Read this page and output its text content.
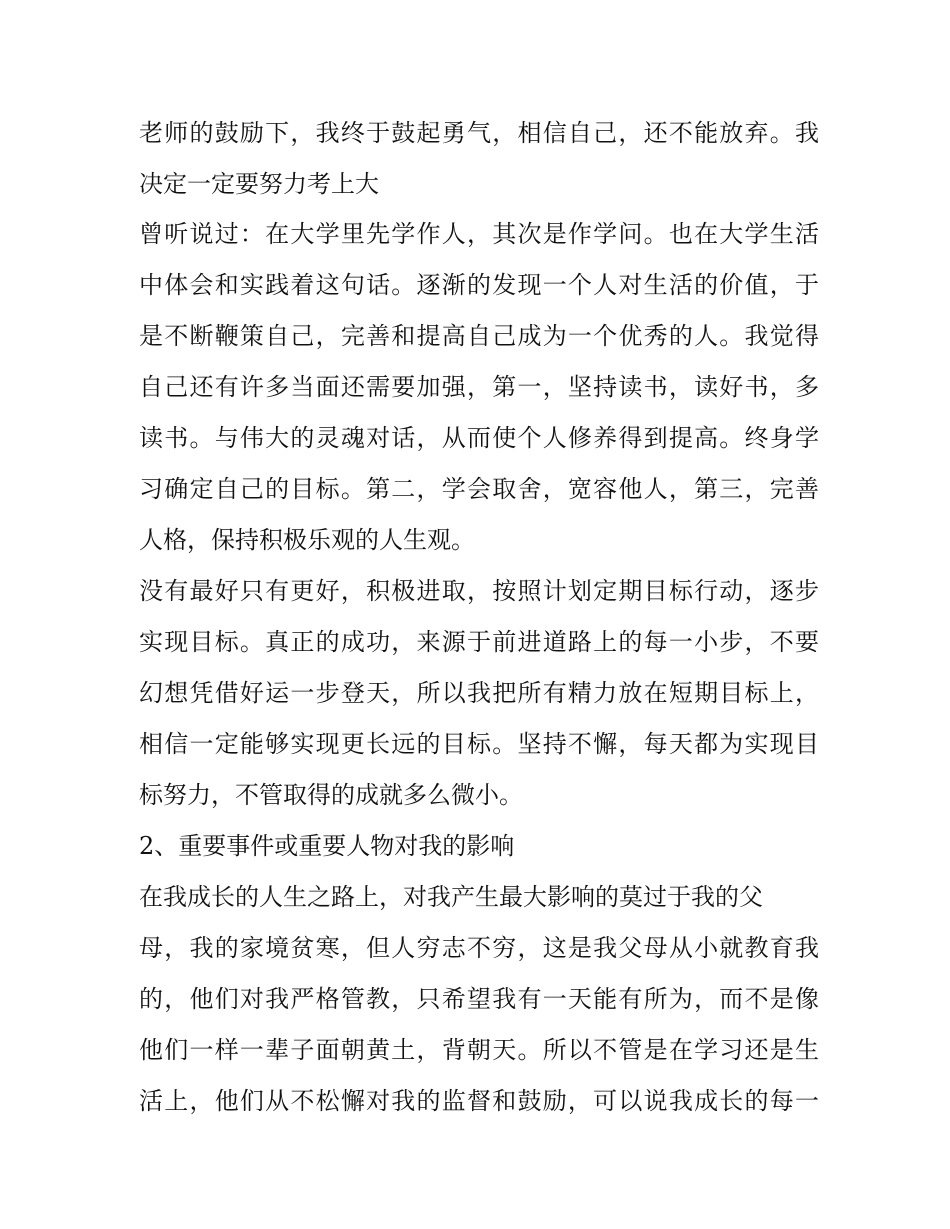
老师的鼓励下，我终于鼓起勇气，相信自己，还不能放弃。我
决定一定要努力考上大
曾听说过：在大学里先学作人，其次是作学问。也在大学生活
中体会和实践着这句话。逐渐的发现一个人对生活的价值，于
是不断鞭策自己，完善和提高自己成为一个优秀的人。我觉得
自己还有许多当面还需要加强，第一，坚持读书，读好书，多
读书。与伟大的灵魂对话，从而使个人修养得到提高。终身学
习确定自己的目标。第二，学会取舍，宽容他人，第三，完善
人格，保持积极乐观的人生观。
没有最好只有更好，积极进取，按照计划定期目标行动，逐步
实现目标。真正的成功，来源于前进道路上的每一小步，不要
幻想凭借好运一步登天，所以我把所有精力放在短期目标上，
相信一定能够实现更长远的目标。坚持不懈，每天都为实现目
标努力，不管取得的成就多么微小。
2、重要事件或重要人物对我的影响
在我成长的人生之路上，对我产生最大影响的莫过于我的父
母，我的家境贫寒，但人穷志不穷，这是我父母从小就教育我
的，他们对我严格管教，只希望我有一天能有所为，而不是像
他们一样一辈子面朝黄土，背朝天。所以不管是在学习还是生
活上，他们从不松懈对我的监督和鼓励，可以说我成长的每一
